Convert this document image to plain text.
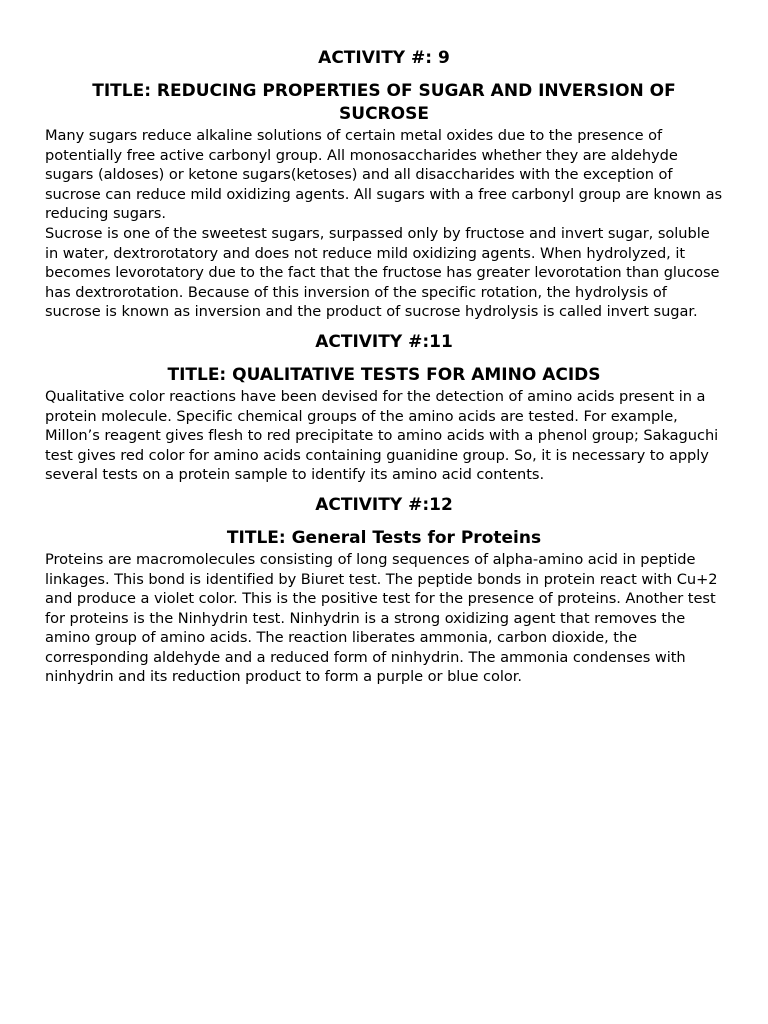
ACTIVITY #: 9
TITLE: REDUCING PROPERTIES OF SUGAR AND INVERSION OF SUCROSE

Many sugars reduce alkaline solutions of certain metal oxides due to the presence of potentially free active carbonyl group. All monosaccharides whether they are aldehyde sugars (aldoses) or ketone sugars(ketoses) and all disaccharides with the exception of sucrose can reduce mild oxidizing agents. All sugars with a free carbonyl group are known as reducing sugars.

Sucrose is one of the sweetest sugars, surpassed only by fructose and invert sugar, soluble in water, dextrorotatory and does not reduce mild oxidizing agents. When hydrolyzed, it becomes levorotatory due to the fact that the fructose has greater levorotation than glucose has dextrorotation. Because of this inversion of the specific rotation, the hydrolysis of sucrose is known as inversion and the product of sucrose hydrolysis is called invert sugar.

ACTIVITY #:11
TITLE: QUALITATIVE TESTS FOR AMINO ACIDS

Qualitative color reactions have been devised for the detection of amino acids present in a protein molecule. Specific chemical groups of the amino acids are tested. For example, Millon’s reagent gives flesh to red precipitate to amino acids with a phenol group; Sakaguchi test gives red color for amino acids containing guanidine group. So, it is necessary to apply several tests on a protein sample to identify its amino acid contents.

ACTIVITY #:12
TITLE: General Tests for Proteins

Proteins are macromolecules consisting of long sequences of alpha-amino acid in peptide linkages. This bond is identified by Biuret test. The peptide bonds in protein react with Cu+2 and produce a violet color. This is the positive test for the presence of proteins. Another test for proteins is the Ninhydrin test. Ninhydrin is a strong oxidizing agent that removes the amino group of amino acids. The reaction liberates ammonia, carbon dioxide, the corresponding aldehyde and a reduced form of ninhydrin. The ammonia condenses with ninhydrin and its reduction product to form a purple or blue color.
